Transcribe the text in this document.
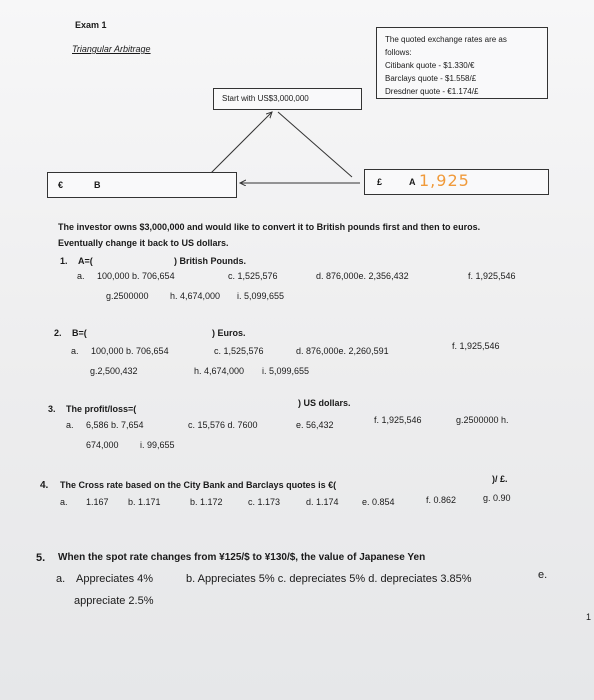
Exam 1
Triangular Arbitrage
The quoted exchange rates are as
follows:
Citibank quote - $1.330/€
Barclays quote - $1.558/£
Dresdner quote - €1.174/£
Start with US$3,000,000
€	B	£	A 1,925
The investor owns $3,000,000 and would like to convert it to British pounds first and then to euros.
Eventually change it back to US dollars.
1. A=(	) British Pounds.
a. 100,000 b. 706,654	c. 1,525,576	d. 876,000e. 2,356,432	f. 1,925,546
g.2500000 h. 4,674,000 i. 5,099,655
2. B=(	) Euros.
a. 100,000 b. 706,654	c. 1,525,576	d. 876,000e. 2,260,591	f. 1,925,546
g.2,500,432	h. 4,674,000 i. 5,099,655
3. The profit/loss=(
) US dollars.
a. 6,586 b. 7,654	c. 15,576 d. 7600	e. 56,432	f. 1,925,546	g.2500000 h.
674,000 i. 99,655
4. The Cross rate based on the City Bank and Barclays quotes is €(
)/ £.
a. 1.167 b. 1.171	b. 1.172	c. 1.173	d. 1.174	e. 0.854	f. 0.862	g. 0.90
5. When the spot rate changes from ¥125/$ to ¥130/$, the value of Japanese Yen
a. Appreciates 4%	b. Appreciates 5% c. depreciates 5% d. depreciates 3.85%	e.
appreciate 2.5%
1
